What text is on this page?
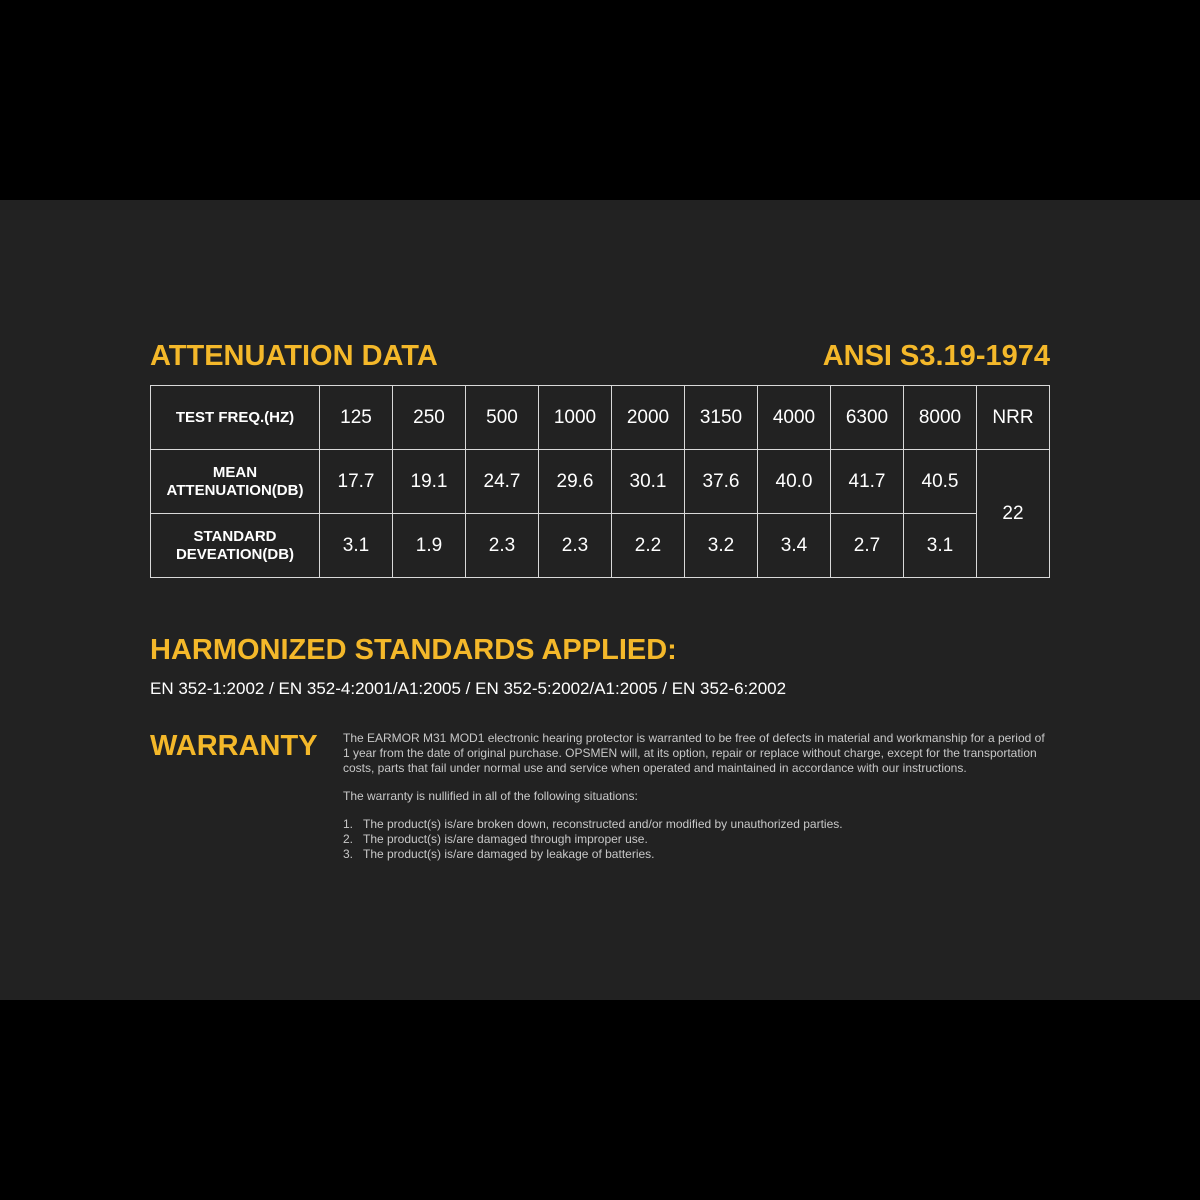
ATTENUATION DATA	ANSI S3.19-1974
TEST FREQ.(HZ)	125	250	500	1000	2000	3150	4000	6300	8000	NRR
MEAN
ATTENUATION(DB)	17.7	19.1	24.7	29.6	30.1	37.6	40.0	41.7	40.5	22
STANDARD
DEVEATION(DB)	3.1	1.9	2.3	2.3	2.2	3.2	3.4	2.7	3.1	
HARMONIZED STANDARDS APPLIED:
EN 352-1:2002 / EN 352-4:2001/A1:2005 / EN 352-5:2002/A1:2005 / EN 352-6:2002
WARRANTY The EARMOR M31 MOD1 electronic hearing protector is warranted to be free of defects in material and workmanship for a period of 1 year from the date of original purchase. OPSMEN will, at its option, repair or replace without charge, except for the transportation costs, parts that fail under normal use and service when operated and maintained in accordance with our instructions.

The warranty is nullified in all of the following situations:

1. The product(s) is/are broken down, reconstructed and/or modified by unauthorized parties.
2. The product(s) is/are damaged through improper use.
3. The product(s) is/are damaged by leakage of batteries.
